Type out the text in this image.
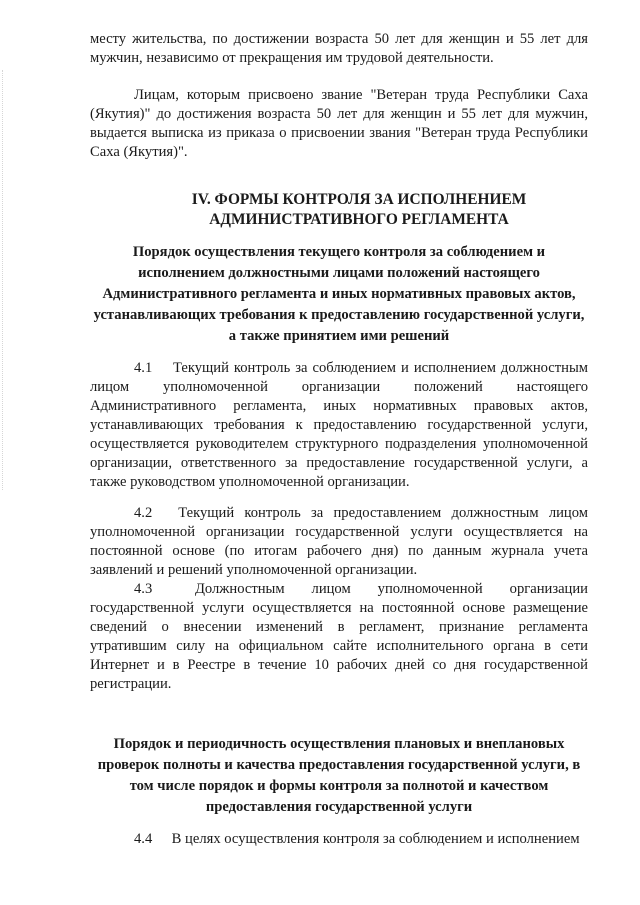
месту жительства, по достижении возраста 50 лет для женщин и 55 лет для мужчин, независимо от прекращения им трудовой деятельности.

Лицам, которым присвоено звание "Ветеран труда Республики Саха (Якутия)" до достижения возраста 50 лет для женщин и 55 лет для мужчин, выдается выписка из приказа о присвоении звания "Ветеран труда Республики Саха (Якутия)".

IV. ФОРМЫ КОНТРОЛЯ ЗА ИСПОЛНЕНИЕМ АДМИНИСТРАТИВНОГО РЕГЛАМЕНТА

Порядок осуществления текущего контроля за соблюдением и исполнением должностными лицами положений настоящего Административного регламента и иных нормативных правовых актов, устанавливающих требования к предоставлению государственной услуги, а также принятием ими решений

4.1 Текущий контроль за соблюдением и исполнением должностным лицом уполномоченной организации положений настоящего Административного регламента, иных нормативных правовых актов, устанавливающих требования к предоставлению государственной услуги, осуществляется руководителем структурного подразделения уполномоченной организации, ответственного за предоставление государственной услуги, а также руководством уполномоченной организации.

4.2 Текущий контроль за предоставлением должностным лицом уполномоченной организации государственной услуги осуществляется на постоянной основе (по итогам рабочего дня) по данным журнала учета заявлений и решений уполномоченной организации.

4.3	Должностным лицом уполномоченной организации государственной услуги осуществляется на постоянной основе размещение сведений о внесении изменений в регламент, признание регламента утратившим силу на официальном сайте исполнительного органа в сети Интернет и в Реестре в течение 10 рабочих дней со дня государственной регистрации.

Порядок и периодичность осуществления плановых и внеплановых проверок полноты и качества предоставления государственной услуги, в том числе порядок и формы контроля за полнотой и качеством предоставления государственной услуги

4.4 В целях осуществления контроля за соблюдением и исполнением
